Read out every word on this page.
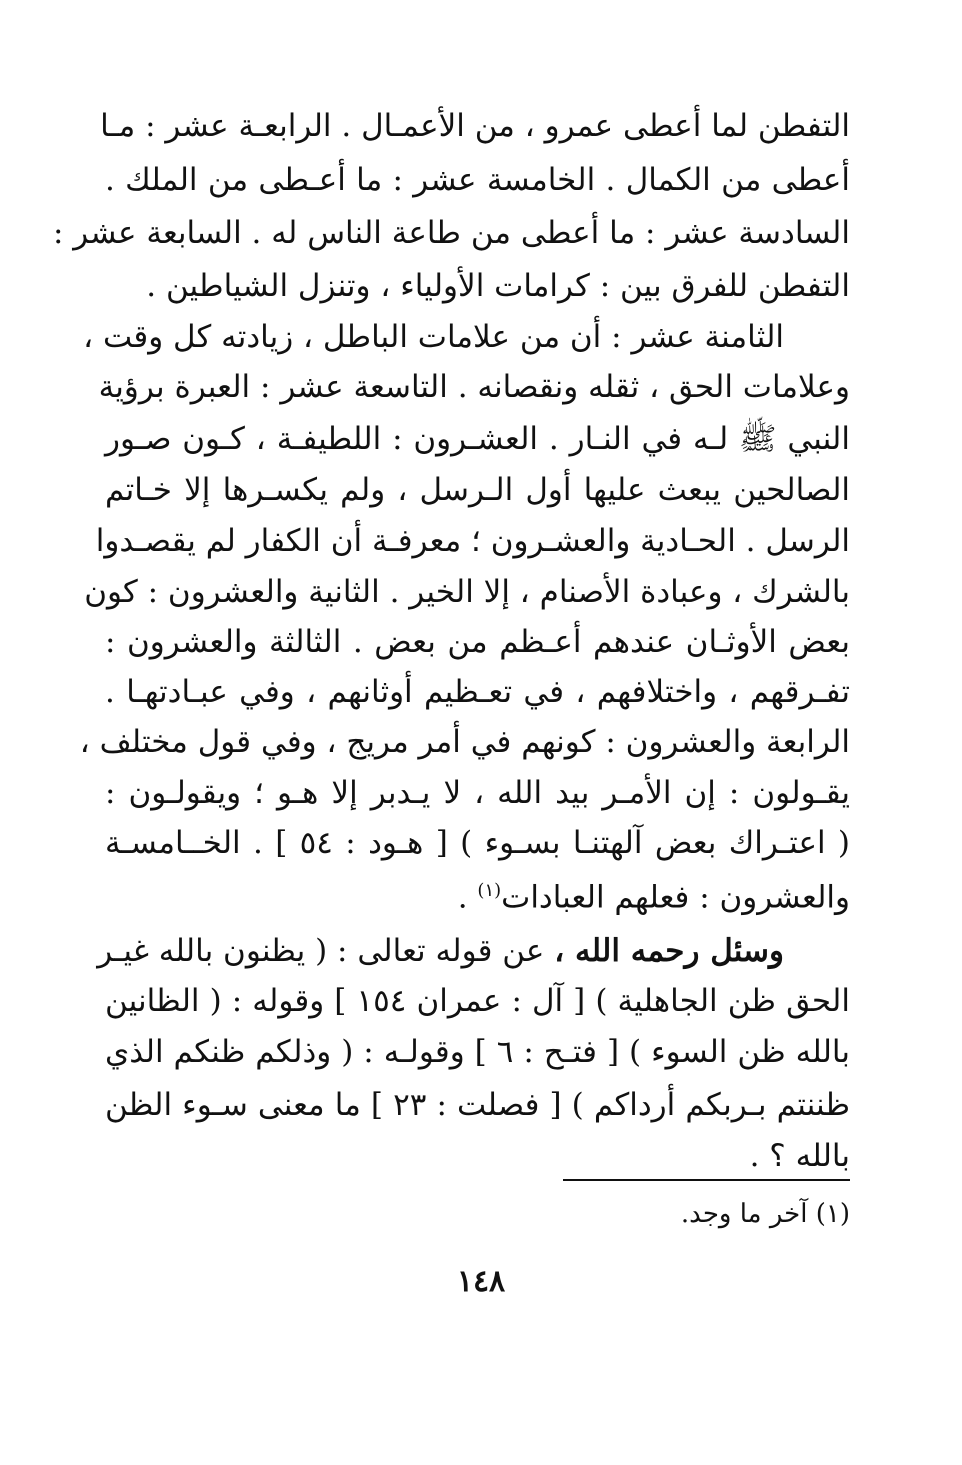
التفطن لما أعطى عمرو ، من الأعمـال . الرابعـة عشر : مـا
أعطى من الكمال . الخامسة عشر : ما أعـطى من الملك .
السادسة عشر : ما أعطى من طاعة الناس له . السابعة عشر :
التفطن للفرق بين : كرامات الأولياء ، وتنزل الشياطين .
الثامنة عشر : أن من علامات الباطل ، زيادته كل وقت ،
وعلامات الحق ، ثقله ونقصانه . التاسعة عشر : العبرة برؤية
النبي ﷺ لـه في النـار . العشـرون : اللطيفـة ، كـون صـور
الصالحين يبعث عليها أول الـرسل ، ولم يكسـرها إلا خـاتم
الرسل . الحـادية والعشـرون ؛ معرفـة أن الكفار لم يقصـدوا
بالشرك ، وعبادة الأصنام ، إلا الخير . الثانية والعشرون : كون
بعض الأوثـان عندهم أعـظم من بعض . الثالثة والعشرون :
تفـرقهم ، واختلافهم ، في تعـظيم أوثانهم ، وفي عبـادتهـا .
الرابعة والعشرون : كونهم في أمر مريج ، وفي قول مختلف ،
يقـولون : إن الأمـر بيد الله ، لا يـدبر إلا هـو ؛ ويقولـون :
( اعتـراك بعض آلهتنـا بسـوء ) [ هـود : ٥٤ ] . الخــامسـة
والعشرون : فعلهم العبادات$^{(١)}$ .
وسئل رحمه الله ، عن قوله تعالى : ( يظنون بالله غيـر
الحق ظن الجاهلية ) [ آل : عمران ١٥٤ ] وقوله : ( الظانين
بالله ظن السوء ) [ فتـح : ٦ ] وقولـه : ( وذلكم ظنكم الذي
ظننتم بـربكم أرداكم ) [ فصلت : ٢٣ ] ما معنى سـوء الظن
بالله ؟ .
(١) آخر ما وجد.
١٤٨
